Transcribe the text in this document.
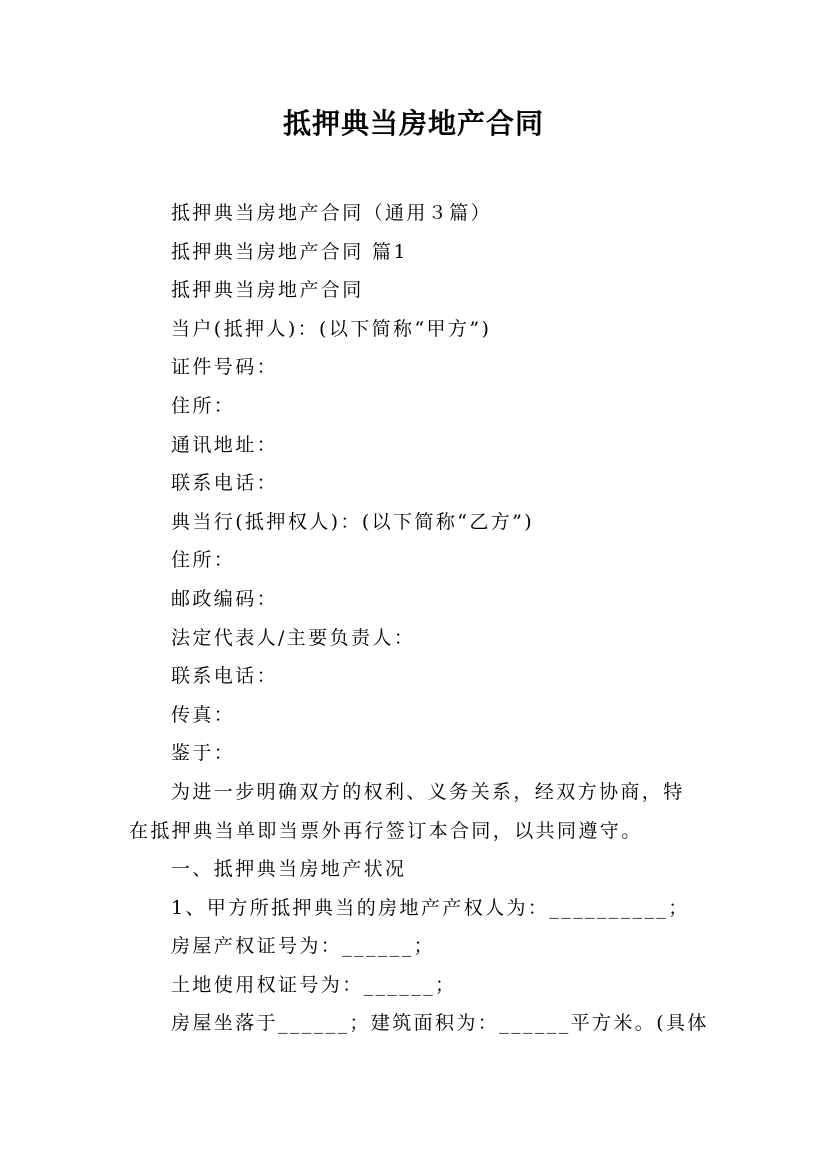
抵押典当房地产合同

抵押典当房地产合同（通用３篇）

抵押典当房地产合同 篇1

抵押典当房地产合同

当户(抵押人)：(以下简称“甲方”)

证件号码：

住所：

通讯地址：

联系电话：

典当行(抵押权人)：(以下简称“乙方”)

住所：

邮政编码：

法定代表人/主要负责人：

联系电话：

传真：

鉴于：

为进一步明确双方的权利、义务关系，经双方协商，特

在抵押典当单即当票外再行签订本合同，以共同遵守。

一、抵押典当房地产状况

1、甲方所抵押典当的房地产产权人为：__________；

房屋产权证号为：______；

土地使用权证号为：______；

房屋坐落于______；建筑面积为：______平方米。(具体
